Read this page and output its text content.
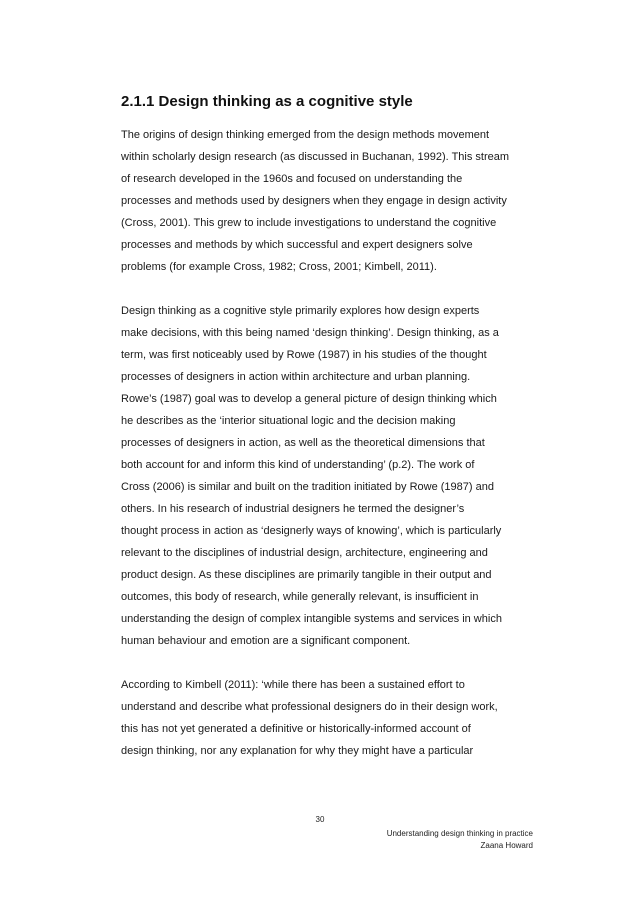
2.1.1 Design thinking as a cognitive style
The origins of design thinking emerged from the design methods movement
within scholarly design research (as discussed in Buchanan, 1992). This stream
of research developed in the 1960s and focused on understanding the
processes and methods used by designers when they engage in design activity
(Cross, 2001). This grew to include investigations to understand the cognitive
processes and methods by which successful and expert designers solve
problems (for example Cross, 1982; Cross, 2001; Kimbell, 2011).
Design thinking as a cognitive style primarily explores how design experts
make decisions, with this being named ‘design thinking’. Design thinking, as a
term, was first noticeably used by Rowe (1987) in his studies of the thought
processes of designers in action within architecture and urban planning.
Rowe’s (1987) goal was to develop a general picture of design thinking which
he describes as the ‘interior situational logic and the decision making
processes of designers in action, as well as the theoretical dimensions that
both account for and inform this kind of understanding’ (p.2). The work of
Cross (2006) is similar and built on the tradition initiated by Rowe (1987) and
others. In his research of industrial designers he termed the designer’s
thought process in action as ‘designerly ways of knowing’, which is particularly
relevant to the disciplines of industrial design, architecture, engineering and
product design. As these disciplines are primarily tangible in their output and
outcomes, this body of research, while generally relevant, is insufficient in
understanding the design of complex intangible systems and services in which
human behaviour and emotion are a significant component.
According to Kimbell (2011): ‘while there has been a sustained effort to
understand and describe what professional designers do in their design work,
this has not yet generated a definitive or historically-informed account of
design thinking, nor any explanation for why they might have a particular
30
Understanding design thinking in practice
Zaana Howard
